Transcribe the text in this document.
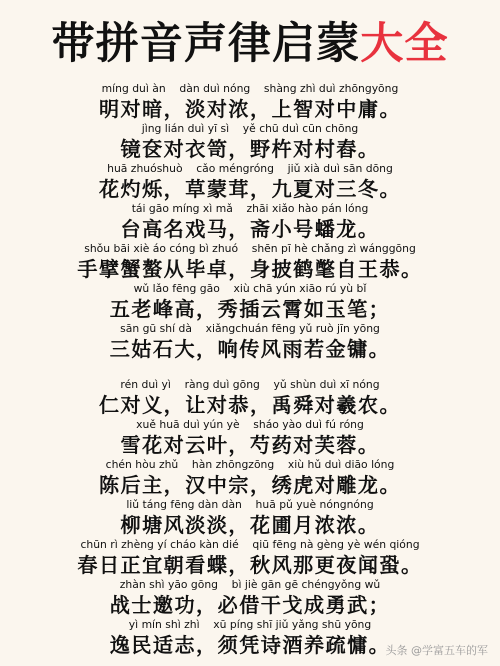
带拼音声律启蒙大全
míng duì àn    dàn duì nóng    shàng zhì duì zhōngyōng
明对暗，淡对浓，上智对中庸。
jìng lián duì yī sì    yě chū duì cūn chōng
镜奁对衣笥，野杵对村舂。
huā zhuóshuò    cǎo méngróng    jiǔ xià duì sān dōng
花灼烁，草蒙茸，九夏对三冬。
tái gāo míng xì mǎ    zhāi xiǎo hào pán lóng
台高名戏马，斋小号蟠龙。
shǒu bāi xiè áo cóng bì zhuó    shēn pī hè chǎng zì wánggōng
手擘蟹螯从毕卓，身披鹤氅自王恭。
wǔ lǎo fēng gāo    xiù chā yún xiāo rú yù bǐ
五老峰高，秀插云霄如玉笔；
sān gū shí dà    xiǎngchuán fēng yǔ ruò jīn yōng
三姑石大，响传风雨若金镛。
rén duì yì    ràng duì gōng    yǔ shùn duì xī nóng
仁对义，让对恭，禹舜对羲农。
xuě huā duì yún yè    sháo yào duì fú róng
雪花对云叶，芍药对芙蓉。
chén hòu zhǔ    hàn zhōngzōng    xiù hǔ duì diāo lóng
陈后主，汉中宗，绣虎对雕龙。
liǔ táng fēng dàn dàn    huā pǔ yuè nóngnóng
柳塘风淡淡，花圃月浓浓。
chūn rì zhèng yí cháo kàn dié    qiū fēng nà gèng yè wén qióng
春日正宜朝看蝶，秋风那更夜闻蛩。
zhàn shì yāo gōng    bì jiè gān gē chéngyǒng wǔ
战士邀功，必借干戈成勇武；
yì mín shì zhì    xū píng shī jiǔ yǎng shū yōng
逸民适志，须凭诗酒养疏慵。
头条 @学富五车的军
